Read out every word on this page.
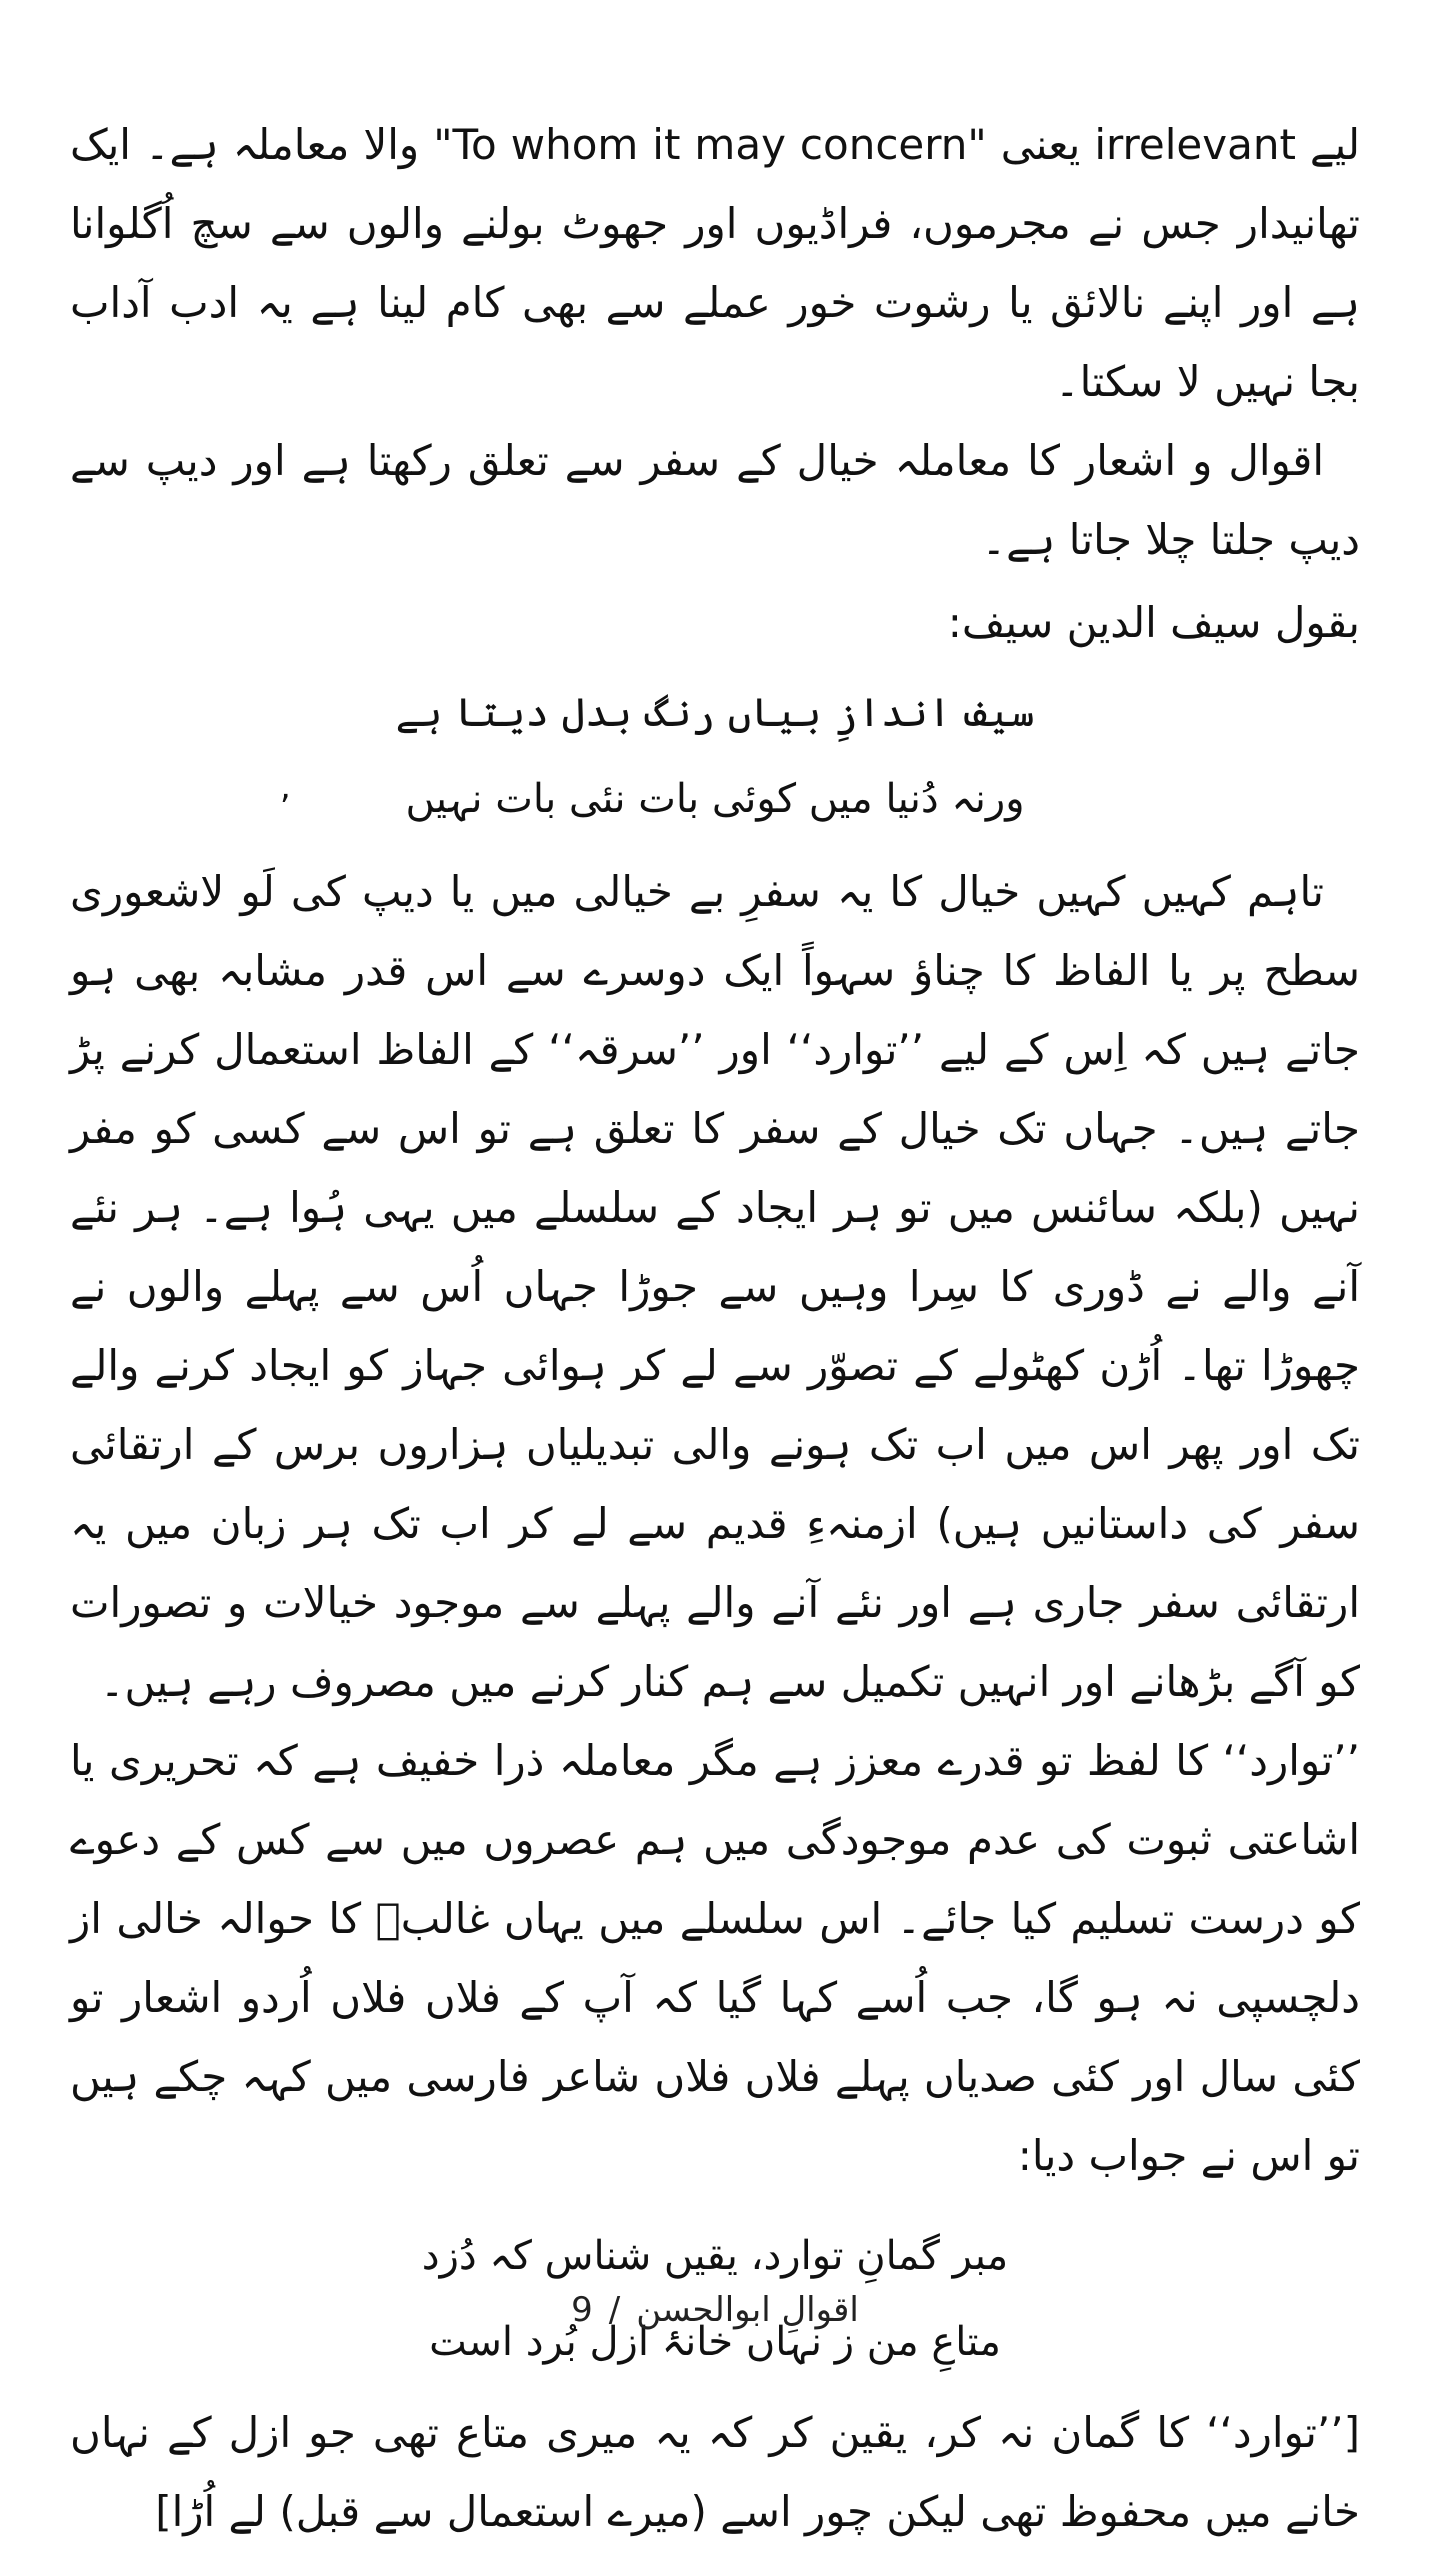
لیے irrelevant یعنی "To whom it may concern" والا معاملہ ہے۔ ایک تھانیدار جس نے مجرموں، فراڈیوں اور جھوٹ بولنے والوں سے سچ اُگلوانا ہے اور اپنے نالائق یا رشوت خور عملے سے بھی کام لینا ہے یہ ادب آداب بجا نہیں لا سکتا۔

اقوال و اشعار کا معاملہ خیال کے سفر سے تعلق رکھتا ہے اور دیپ سے دیپ جلتا چلا جاتا ہے۔

بقول سیف الدین سیف:

سیف اندازِ بیاں رنگ بدل دیتا ہے

ورنہ دُنیا میں کوئی بات نئی بات نہیں

,

تاہم کہیں کہیں خیال کا یہ سفرِ بے خیالی میں یا دیپ کی لَو لاشعوری سطح پر یا الفاظ کا چناؤ سہواً ایک دوسرے سے اس قدر مشابہ بھی ہو جاتے ہیں کہ اِس کے لیے ’’توارد‘‘ اور ’’سرقہ‘‘ کے الفاظ استعمال کرنے پڑ جاتے ہیں۔ جہاں تک خیال کے سفر کا تعلق ہے تو اس سے کسی کو مفر نہیں (بلکہ سائنس میں تو ہر ایجاد کے سلسلے میں یہی ہُوا ہے۔ ہر نئے آنے والے نے ڈوری کا سِرا وہیں سے جوڑا جہاں اُس سے پہلے والوں نے چھوڑا تھا۔ اُڑن کھٹولے کے تصوّر سے لے کر ہوائی جہاز کو ایجاد کرنے والے تک اور پھر اس میں اب تک ہونے والی تبدیلیاں ہزاروں برس کے ارتقائی سفر کی داستانیں ہیں) ازمنہءِ قدیم سے لے کر اب تک ہر زبان میں یہ ارتقائی سفر جاری ہے اور نئے آنے والے پہلے سے موجود خیالات و تصورات کو آگے بڑھانے اور انہیں تکمیل سے ہم کنار کرنے میں مصروف رہے ہیں۔

’’توارد‘‘ کا لفظ تو قدرے معزز ہے مگر معاملہ ذرا خفیف ہے کہ تحریری یا اشاعتی ثبوت کی عدم موجودگی میں ہم عصروں میں سے کس کے دعوے کو درست تسلیم کیا جائے۔ اس سلسلے میں یہاں غالبؔ کا حوالہ خالی از دلچسپی نہ ہو گا، جب اُسے کہا گیا کہ آپ کے فلاں فلاں اُردو اشعار تو کئی سال اور کئی صدیاں پہلے فلاں فلاں شاعر فارسی میں کہہ چکے ہیں تو اس نے جواب دیا:

مبر گمانِ توارد، یقیں شناس کہ دُزد

متاعِ من ز نہاں خانۂ ازل بُرد است

[’’توارد‘‘ کا گمان نہ کر، یقین کر کہ یہ میری متاع تھی جو ازل کے نہاں خانے میں محفوظ تھی لیکن چور اسے (میرے استعمال سے قبل) لے اُڑا]

9 / اقوالِ ابوالحسن
